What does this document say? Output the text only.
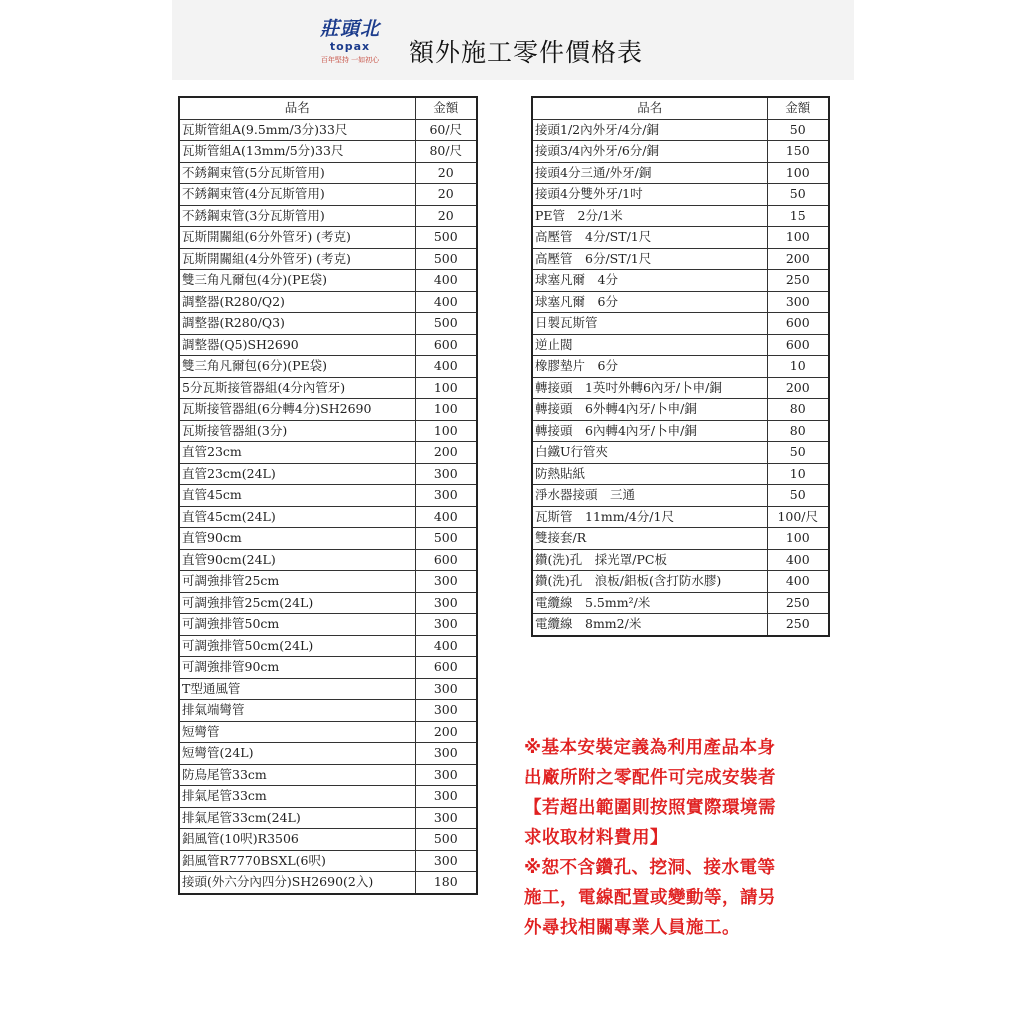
莊頭北
topax
百年堅持 一如初心	額外施工零件價格表
品名	金額
瓦斯管組A(9.5mm/3分)33尺	60/尺
瓦斯管組A(13mm/5分)33尺	80/尺
不銹鋼束管(5分瓦斯管用)	20
不銹鋼束管(4分瓦斯管用)	20
不銹鋼束管(3分瓦斯管用)	20
瓦斯開關組(6分外管牙) (考克)	500
瓦斯開關組(4分外管牙) (考克)	500
雙三角凡爾包(4分)(PE袋)	400
調整器(R280/Q2)	400
調整器(R280/Q3)	500
調整器(Q5)SH2690	600
雙三角凡爾包(6分)(PE袋)	400
5分瓦斯接管器組(4分內管牙)	100
瓦斯接管器組(6分轉4分)SH2690	100
瓦斯接管器組(3分)	100
直管23cm	200
直管23cm(24L)	300
直管45cm	300
直管45cm(24L)	400
直管90cm	500
直管90cm(24L)	600
可調強排管25cm	300
可調強排管25cm(24L)	300
可調強排管50cm	300
可調強排管50cm(24L)	400
可調強排管90cm	600
T型通風管	300
排氣端彎管	300
短彎管	200
短彎管(24L)	300
防鳥尾管33cm	300
排氣尾管33cm	300
排氣尾管33cm(24L)	300
鋁風管(10呎)R3506	500
鋁風管R7770BSXL(6呎)	300
接頭(外六分內四分)SH2690(2入)	180
品名	金額
接頭1/2內外牙/4分/銅	50
接頭3/4內外牙/6分/銅	150
接頭4分三通/外牙/銅	100
接頭4分雙外牙/1吋	50
PE管　2分/1米	15
高壓管　4分/ST/1尺	100
高壓管　6分/ST/1尺	200
球塞凡爾　4分	250
球塞凡爾　6分	300
日製瓦斯管	600
逆止閥	600
橡膠墊片　6分	10
轉接頭　1英吋外轉6內牙/卜申/銅	200
轉接頭　6外轉4內牙/卜申/銅	80
轉接頭　6內轉4內牙/卜申/銅	80
白鐵U行管夾	50
防熱貼紙	10
淨水器接頭　三通	50
瓦斯管　11mm/4分/1尺	100/尺
雙接套/R	100
鑽(洗)孔　採光罩/PC板	400
鑽(洗)孔　浪板/鋁板(含打防水膠)	400
電纜線　5.5mm²/米	250
電纜線　8mm2/米	250

※基本安裝定義為利用產品本身

出廠所附之零配件可完成安裝者

【若超出範圍則按照實際環境需

求收取材料費用】

※恕不含鑽孔、挖洞、接水電等

施工，電線配置或變動等，請另

外尋找相關專業人員施工。
